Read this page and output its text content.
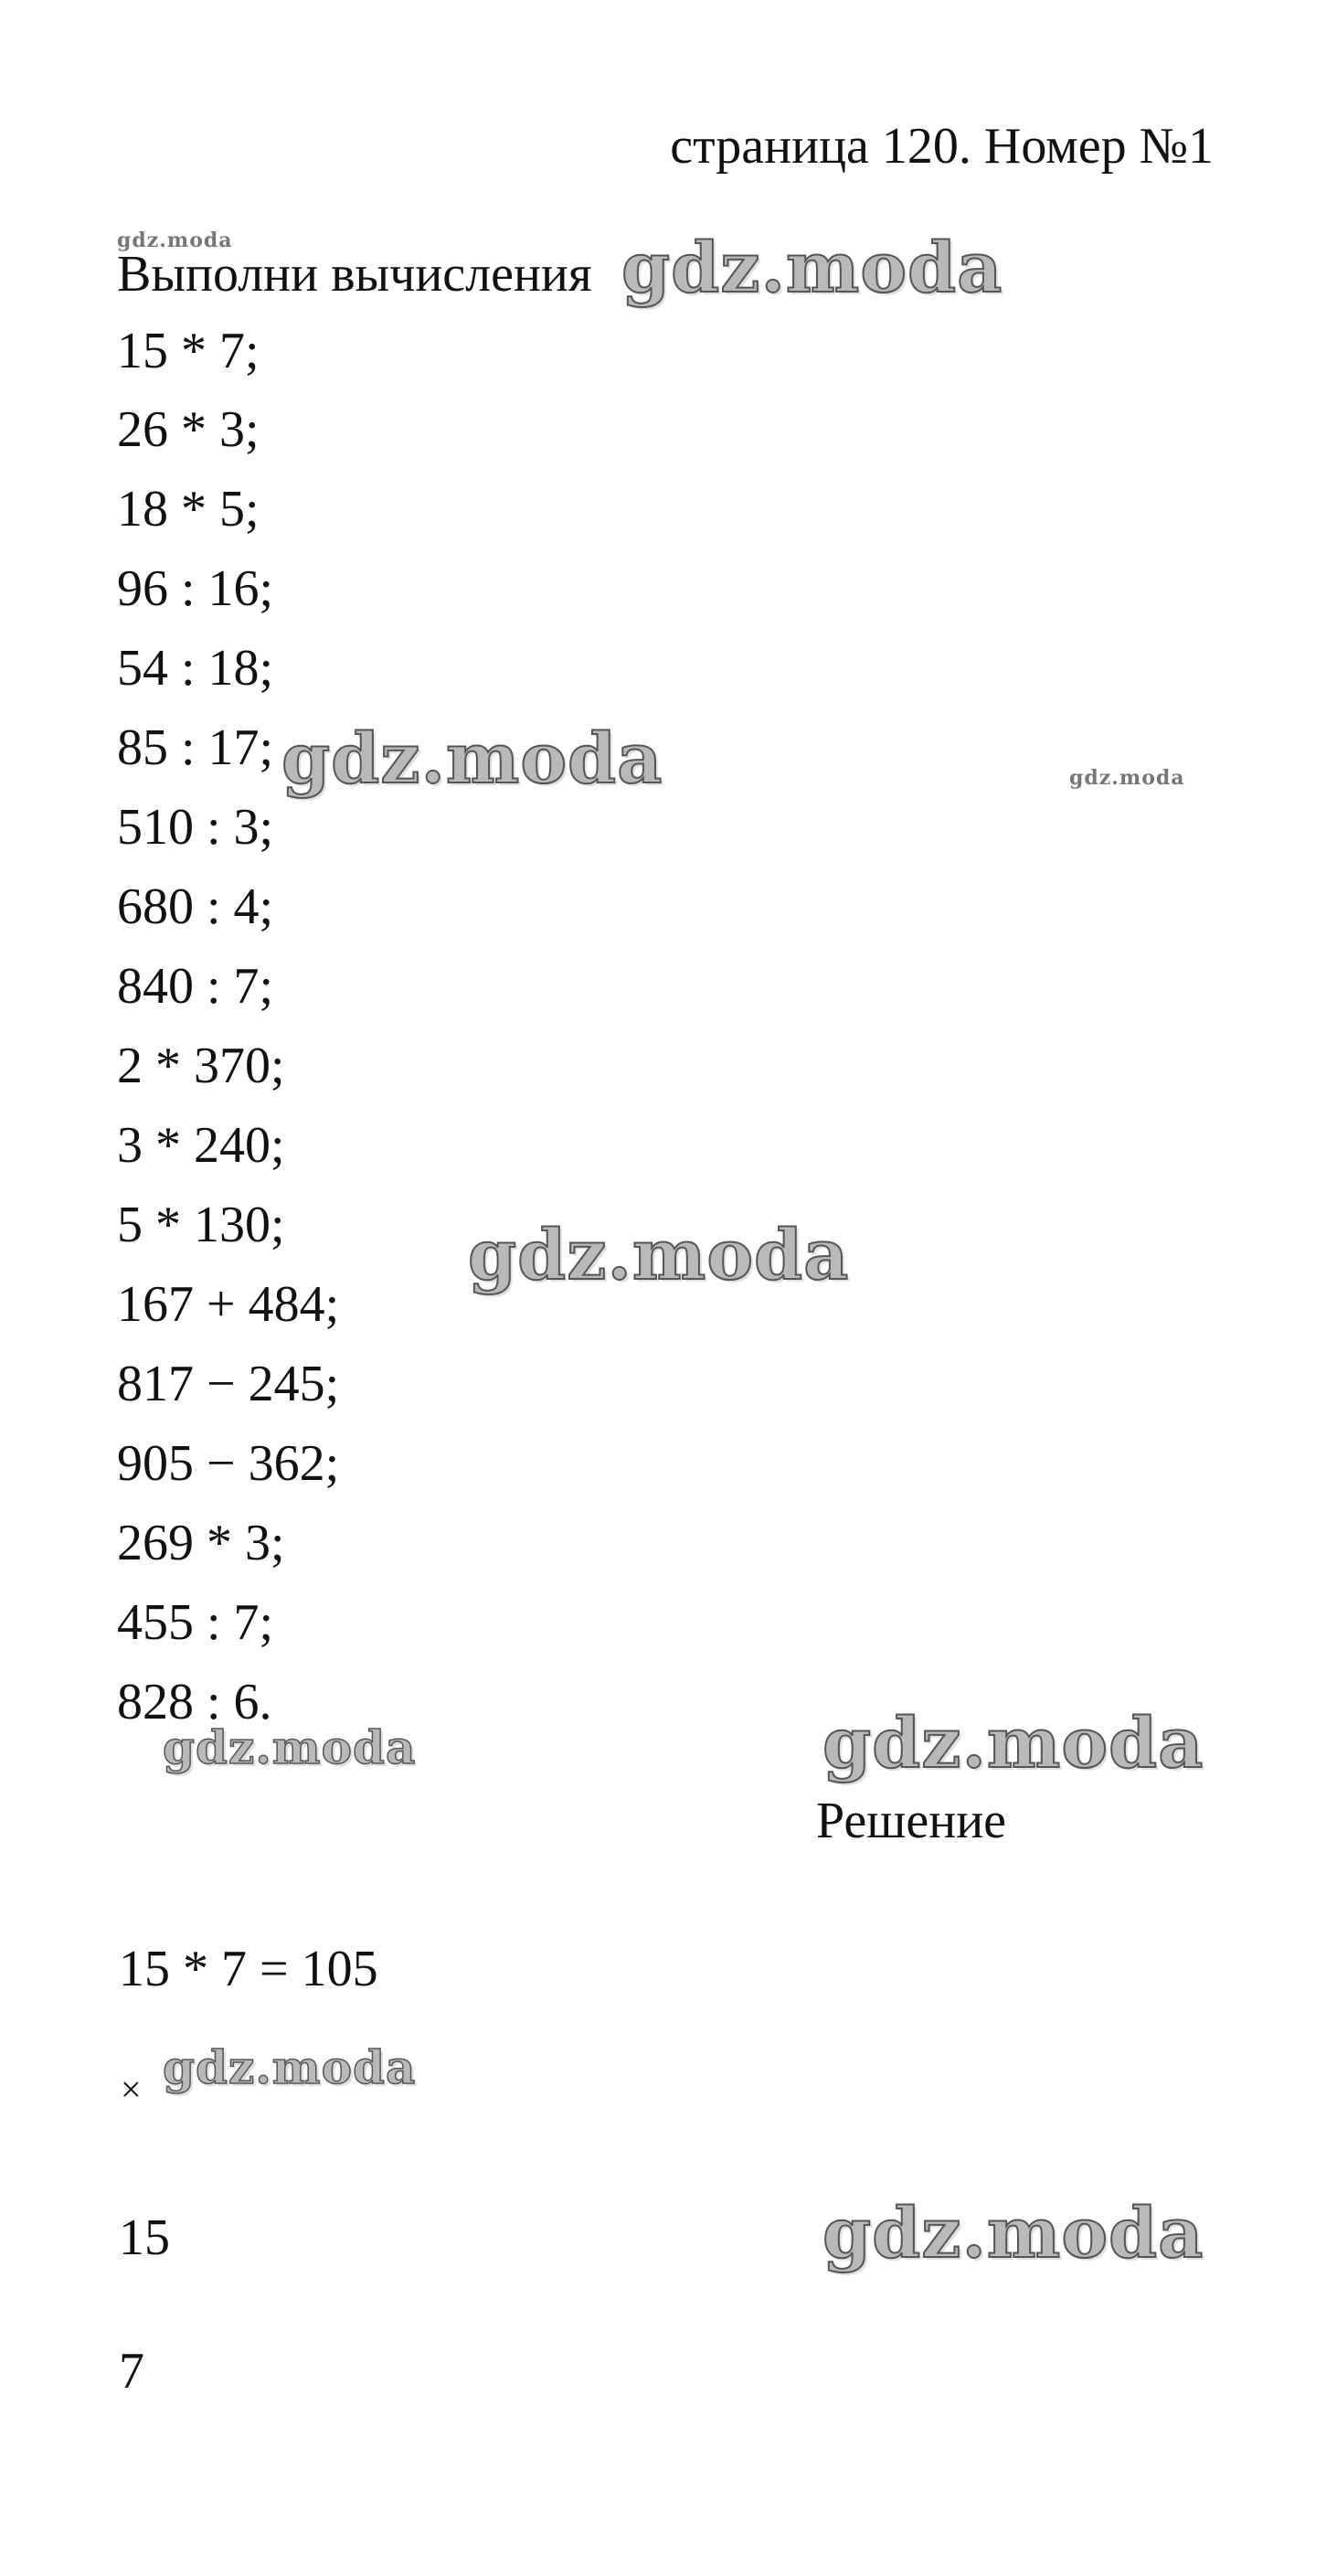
страница 120. Номер №1
gdz.moda
Выполни вычисления
15 * 7;
26 * 3;
18 * 5;
96 : 16;
54 : 18;
85 : 17;
510 : 3;
680 : 4;
840 : 7;
2 * 370;
3 * 240;
5 * 130;
167 + 484;
817 − 245;
905 − 362;
269 * 3;
455 : 7;
828 : 6.
Решение
15 * 7 = 105
×
15
7
gdz.moda
gdz.moda	gdz.moda
gdz.moda
gdz.moda	gdz.moda
gdz.moda
gdz.moda
